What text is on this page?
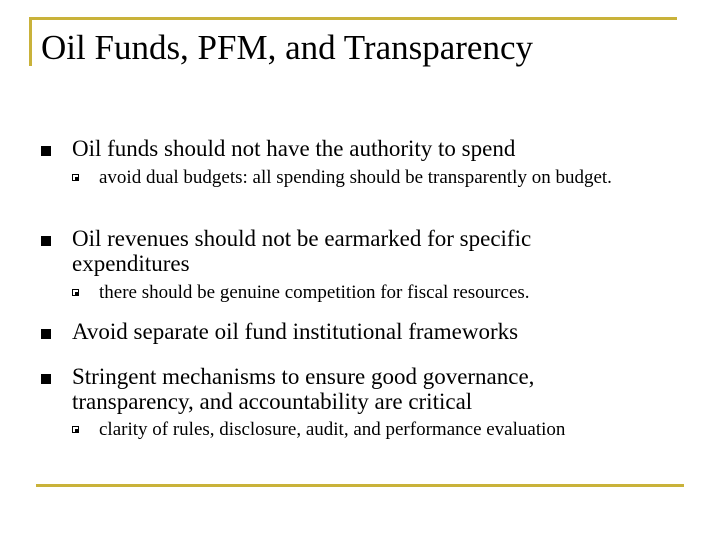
Oil Funds, PFM, and Transparency
Oil funds should not have the authority to spend
avoid dual budgets: all spending should be transparently on budget.
Oil revenues should not be earmarked for specific expenditures
there should be genuine competition for fiscal resources.
Avoid separate oil fund institutional frameworks
Stringent mechanisms to ensure good governance, transparency, and accountability are critical
clarity of rules, disclosure, audit, and performance evaluation
